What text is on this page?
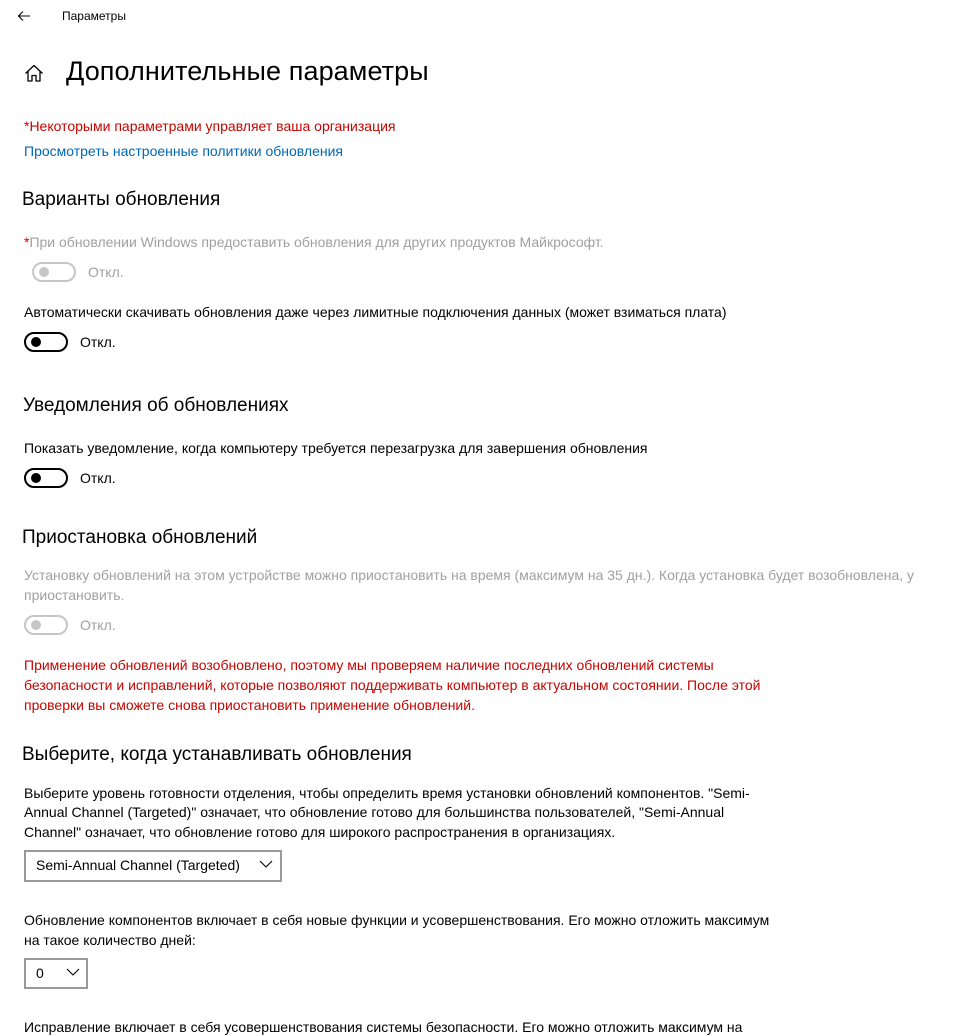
Параметры
Дополнительные параметры
*Некоторыми параметрами управляет ваша организация
Просмотреть настроенные политики обновления
Варианты обновления
*При обновлении Windows предоставить обновления для других продуктов Майкрософт.
Откл.
Автоматически скачивать обновления даже через лимитные подключения данных (может взиматься плата)
Откл.
Уведомления об обновлениях
Показать уведомление, когда компьютеру требуется перезагрузка для завершения обновления
Откл.
Приостановка обновлений
Установку обновлений на этом устройстве можно приостановить на время (максимум на 35 дн.). Когда установка будет возобновлена, у
приостановить.
Откл.
Применение обновлений возобновлено, поэтому мы проверяем наличие последних обновлений системы
безопасности и исправлений, которые позволяют поддерживать компьютер в актуальном состоянии. После этой
проверки вы сможете снова приостановить применение обновлений.
Выберите, когда устанавливать обновления
Выберите уровень готовности отделения, чтобы определить время установки обновлений компонентов. "Semi-
Annual Channel (Targeted)" означает, что обновление готово для большинства пользователей, "Semi-Annual
Channel" означает, что обновление готово для широкого распространения в организациях.
Semi-Annual Channel (Targeted)
Обновление компонентов включает в себя новые функции и усовершенствования. Его можно отложить максимум
на такое количество дней:
0
Исправление включает в себя усовершенствования системы безопасности. Его можно отложить максимум на
